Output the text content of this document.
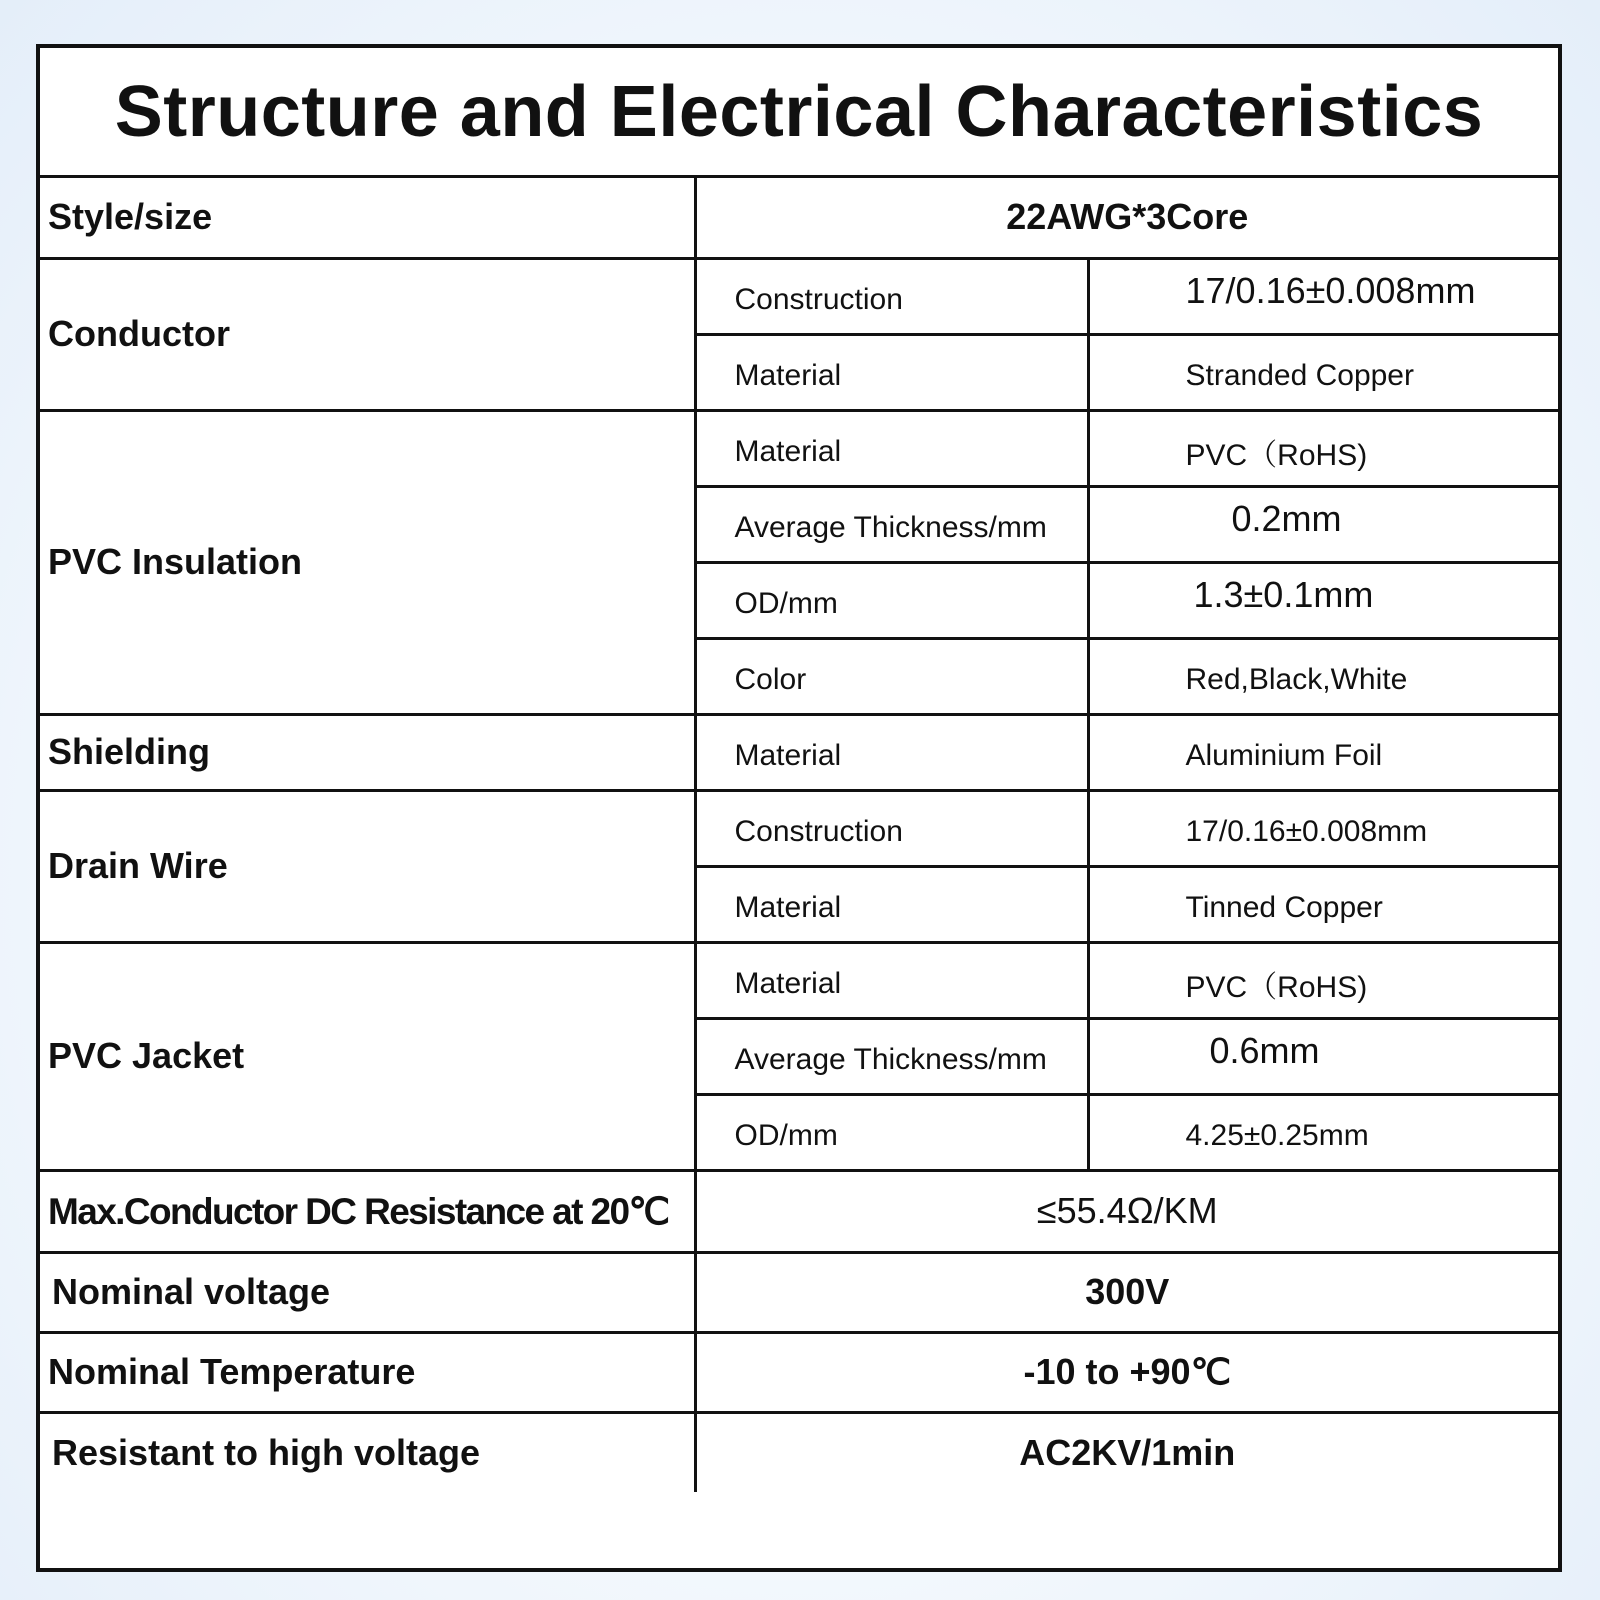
Structure and Electrical Characteristics
Style/size	22AWG*3Core	
Conductor	Construction	17/0.16±0.008mm
	Material	Stranded Copper
PVC Insulation	Material	PVC（RoHS)
	Average Thickness/mm	0.2mm
	OD/mm	1.3±0.1mm
	Color	Red,Black,White
Shielding	Material	Aluminium Foil
Drain Wire	Construction	17/0.16±0.008mm
	Material	Tinned Copper
PVC Jacket	Material	PVC（RoHS)
	Average Thickness/mm	0.6mm
	OD/mm	4.25±0.25mm
Max.Conductor DC Resistance at 20℃	≤55.4Ω/KM	
Nominal voltage	300V	
Nominal Temperature	-10 to +90℃	
Resistant to high voltage	AC2KV/1min	
